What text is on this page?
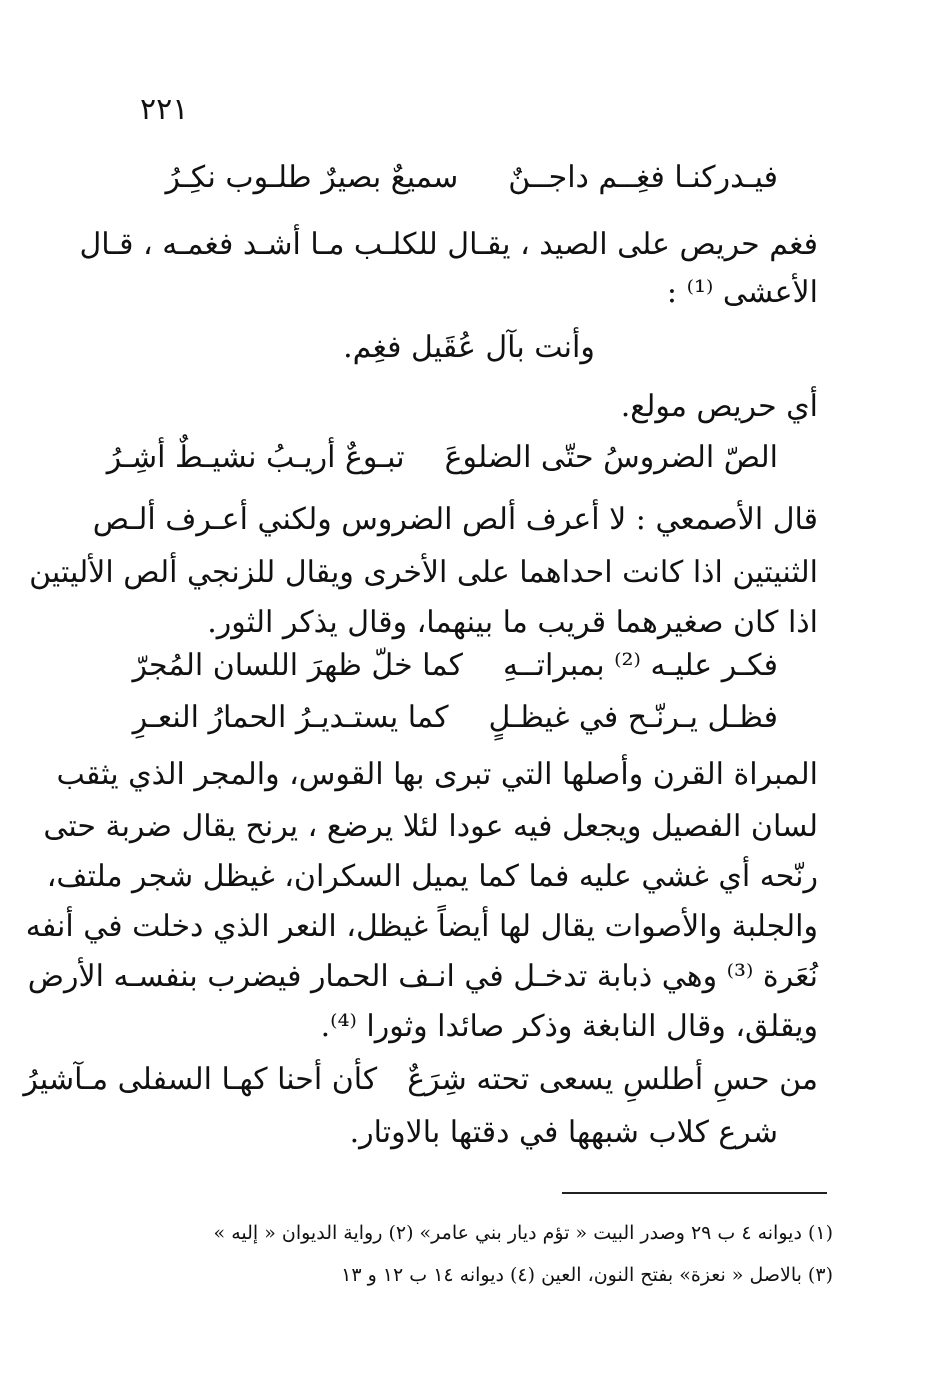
٢٢١
فيـدركنـا فغِــم داجــنٌ
سميعٌ بصيرٌ طلـوب نكِـرُ
فغم حريص على الصيد ، يقـال للكلـب مـا أشـد فغمـه ، قـال
الأعشى ⁽¹⁾ :
وأنت بآل عُقَيل فغِم.
أي حريص مولع.
الصّ الضروسُ حتّى الضلوعَ
تبـوعٌ أريـبُ نشيـطٌ أشِـرُ
قال الأصمعي : لا أعرف ألص الضروس ولكني أعـرف ألـص
الثنيتين اذا كانت احداهما على الأخرى ويقال للزنجي ألص الأليتين
اذا كان صغيرهما قريب ما بينهما، وقال يذكر الثور.
فكـر عليـه ⁽²⁾ بمبراتــهِ
كما خلّ ظهرَ اللسان المُجرّ
فظـل يـرنّـح في غيظـلٍ
كما يستـديـرُ الحمارُ النعـرِ
المبراة القرن وأصلها التي تبرى بها القوس، والمجر الذي يثقب
لسان الفصيل ويجعل فيه عودا لئلا يرضع ، يرنح يقال ضربة حتى
رنّحه أي غشي عليه فما كما يميل السكران، غيظل شجر ملتف،
والجلبة والأصوات يقال لها أيضاً غيظل، النعر الذي دخلت في أنفه
نُعَرة ⁽³⁾ وهي ذبابة تدخـل في انـف الحمار فيضرب بنفسـه الأرض
ويقلق، وقال النابغة وذكر صائدا وثورا ⁽⁴⁾.
من حسِ أطلسِ يسعى تحته شِرَعٌ
كأن أحنا كهـا السفلى مـآشيرُ
شرع كلاب شبهها في دقتها بالاوتار.
(١) ديوانه ٤ ب ٢٩ وصدر البيت « تؤم ديار بني عامر» (٢) رواية الديوان « إليه »
(٣) بالاصل « نعزة» بفتح النون، العين (٤) ديوانه ١٤ ب ١٢ و ١٣
